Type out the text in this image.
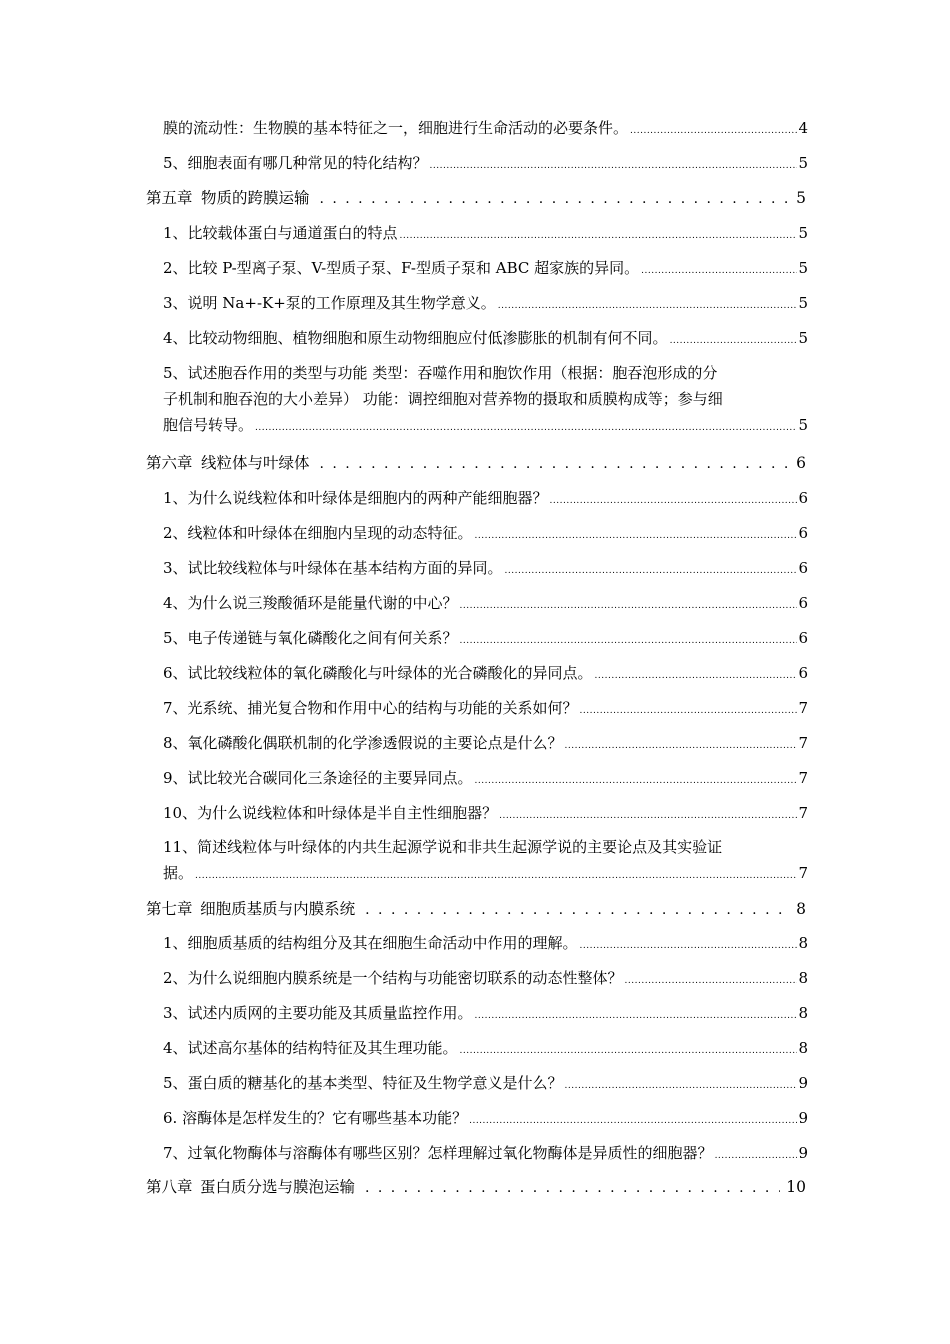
膜的流动性：生物膜的基本特征之一，细胞进行生命活动的必要条件。 .....	4
5、细胞表面有哪几种常见的特化结构？ .....	5
第五章 物质的跨膜运输 . . .	5
1、比较载体蛋白与通道蛋白的特点 .....	5
2、比较 P-型离子泵、V-型质子泵、F-型质子泵和 ABC 超家族的异同。 .....	5
3、说明 Na+-K+泵的工作原理及其生物学意义。 .....	5
4、比较动物细胞、植物细胞和原生动物细胞应付低渗膨胀的机制有何不同。 .....	5
5、试述胞吞作用的类型与功能 类型：吞噬作用和胞饮作用（根据：胞吞泡形成的分
子机制和胞吞泡的大小差异） 功能：调控细胞对营养物的摄取和质膜构成等；参与细
胞信号转导。 .....	5
第六章 线粒体与叶绿体 . . .	6
1、为什么说线粒体和叶绿体是细胞内的两种产能细胞器？ .....	6
2、线粒体和叶绿体在细胞内呈现的动态特征。 .....	6
3、试比较线粒体与叶绿体在基本结构方面的异同。 .....	6
4、为什么说三羧酸循环是能量代谢的中心？ .....	6
5、电子传递链与氧化磷酸化之间有何关系？ .....	6
6、试比较线粒体的氧化磷酸化与叶绿体的光合磷酸化的异同点。 .....	6
7、光系统、捕光复合物和作用中心的结构与功能的关系如何？ .....	7
8、氧化磷酸化偶联机制的化学渗透假说的主要论点是什么？ .....	7
9、试比较光合碳同化三条途径的主要异同点。 .....	7
10、为什么说线粒体和叶绿体是半自主性细胞器？ .....	7
11、简述线粒体与叶绿体的内共生起源学说和非共生起源学说的主要论点及其实验证
据。 .....	7
第七章 细胞质基质与内膜系统 . . .	8
1、细胞质基质的结构组分及其在细胞生命活动中作用的理解。 .....	8
2、为什么说细胞内膜系统是一个结构与功能密切联系的动态性整体？ .....	8
3、试述内质网的主要功能及其质量监控作用。 .....	8
4、试述高尔基体的结构特征及其生理功能。 .....	8
5、蛋白质的糖基化的基本类型、特征及生物学意义是什么？ .....	9
6. 溶酶体是怎样发生的？它有哪些基本功能？ .....	9
7、过氧化物酶体与溶酶体有哪些区别？怎样理解过氧化物酶体是异质性的细胞器？ .....	9
第八章 蛋白质分选与膜泡运输 . . .	10
